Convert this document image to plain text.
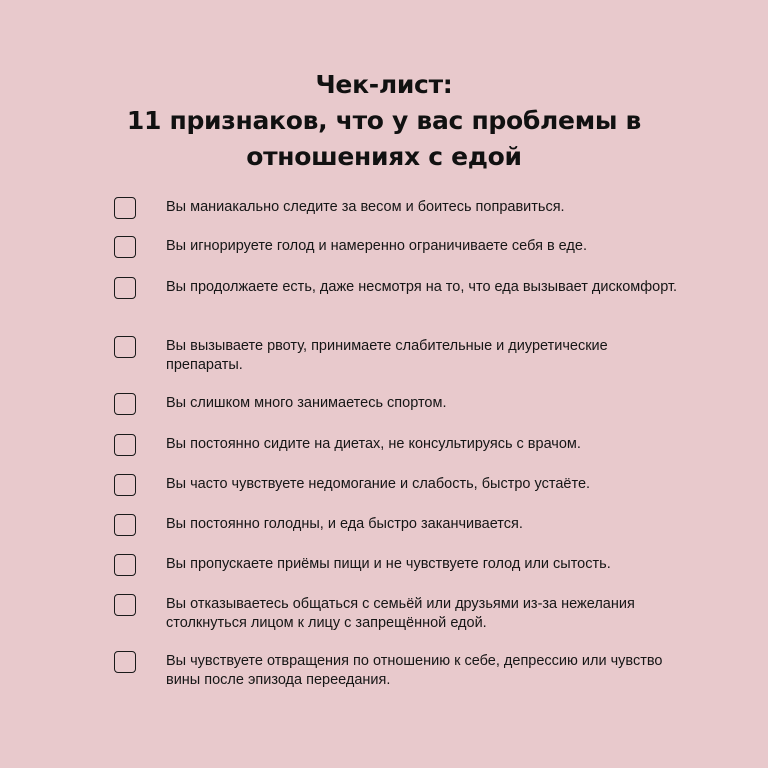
Чек-лист:
11 признаков, что у вас проблемы в
отношениях с едой
Вы маниакально следите за весом и боитесь поправиться.
Вы игнорируете голод и намеренно ограничиваете себя в еде.
Вы продолжаете есть, даже несмотря на то, что еда вызывает дискомфорт.
Вы вызываете рвоту, принимаете слабительные и диуретические препараты.
Вы слишком много занимаетесь спортом.
Вы постоянно сидите на диетах, не консультируясь с врачом.
Вы часто чувствуете недомогание и слабость, быстро устаёте.
Вы постоянно голодны, и еда быстро заканчивается.
Вы пропускаете приёмы пищи и не чувствуете голод или сытость.
Вы отказываетесь общаться с семьёй или друзьями из-за нежелания столкнуться лицом к лицу с запрещённой едой.
Вы чувствуете отвращения по отношению к себе, депрессию или чувство вины после эпизода переедания.
